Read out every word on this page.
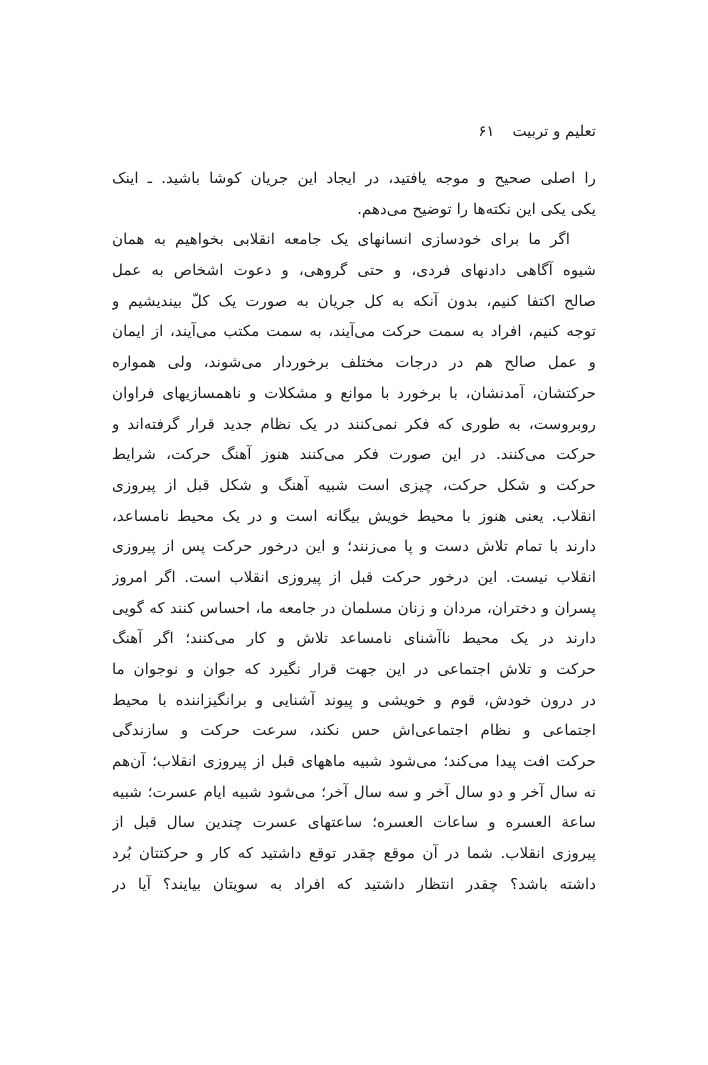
تعلیم و تربیت۶۱
را اصلی صحیح و موجه یافتید، در ایجاد این جریان کوشا باشید. ـ اینک
یکی یکی این نکته‌ها را توضیح می‌دهم.
اگر ما برای خودسازی انسانهای یک جامعه انقلابی بخواهیم به همان
شیوه آگاهی دادنهای فردی، و حتی گروهی، و دعوت اشخاص به عمل
صالح اکتفا کنیم، بدون آنکه به کل جریان به صورت یک کلّ بیندیشیم و
توجه کنیم، افراد به سمت حرکت می‌آیند، به سمت مکتب می‌آیند، از ایمان
و عمل صالح هم در درجات مختلف برخوردار می‌شوند، ولی همواره
حرکتشان، آمدنشان، با برخورد با موانع و مشکلات و ناهمسازیهای فراوان
روبروست، به طوری که فکر نمی‌کنند در یک نظام جدید قرار گرفته‌اند و
حرکت می‌کنند. در این صورت فکر می‌کنند هنوز آهنگ حرکت، شرایط
حرکت و شکل حرکت، چیزی است شبیه آهنگ و شکل قبل از پیروزی
انقلاب. یعنی هنوز با محیط خویش بیگانه است و در یک محیط نامساعد،
دارند با تمام تلاش دست و پا می‌زنند؛ و این درخور حرکت پس از پیروزی
انقلاب نیست. این درخور حرکت قبل از پیروزی انقلاب است. اگر امروز
پسران و دختران، مردان و زنان مسلمان در جامعه ما، احساس کنند که گویی
دارند در یک محیط ناآشنای نامساعد تلاش و کار می‌کنند؛ اگر آهنگ
حرکت و تلاش اجتماعی در این جهت قرار نگیرد که جوان و نوجوان ما
در درون خودش، قوم و خویشی و پیوند آشنایی و برانگیزاننده با محیط
اجتماعی و نظام اجتماعی‌اش حس نکند، سرعت حرکت و سازندگی
حرکت افت پیدا می‌کند؛ می‌شود شبیه ماههای قبل از پیروزی انقلاب؛ آن‌هم
نه سال آخر و دو سال آخر و سه سال آخر؛ می‌شود شبیه ایام عسرت؛ شبیه
ساعة العسره و ساعات العسره؛ ساعتهای عسرت چندین سال قبل از
پیروزی انقلاب. شما در آن موقع چقدر توقع داشتید که کار و حرکتتان بُرد
داشته باشد؟ چقدر انتظار داشتید که افراد به سویتان بیایند؟ آیا در
